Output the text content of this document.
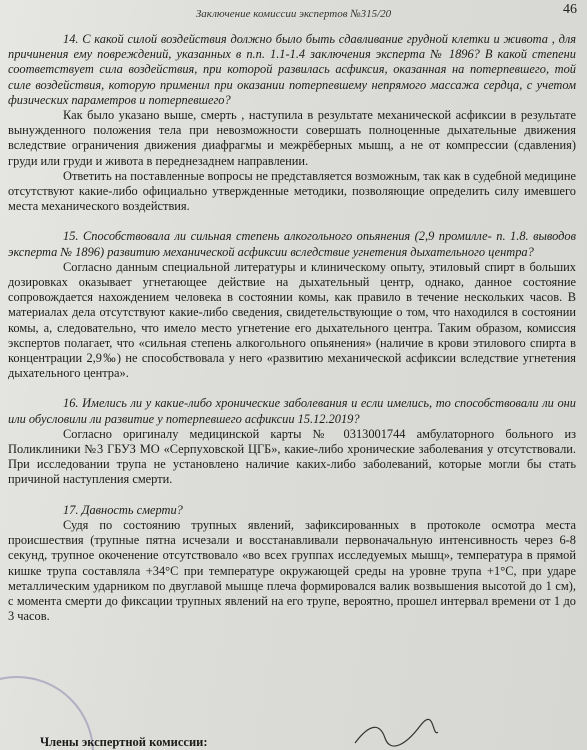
Заключение комиссии экспертов №315/20	46

14. С какой силой воздействия должно было быть сдавливание грудной клетки и живота , для причинения ему повреждений, указанных в п.п. 1.1-1.4 заключения эксперта № 1896? В какой степени соответствует сила воздействия, при которой развилась асфиксия, оказанная на потерпевшего, той силе воздействия, которую применил при оказании потерпевшему непрямого массажа сердца, с учетом физических параметров и потерпевшего?

Как было указано выше, смерть , наступила в результате механической асфиксии в результате вынужденного положения тела при невозможности совершать полноценные дыхательные движения вследствие ограничения движения диафрагмы и межрёберных мышц, а не от компрессии (сдавления) груди или груди и живота в переднезаднем направлении.

Ответить на поставленные вопросы не представляется возможным, так как в судебной медицине отсутствуют какие-либо официально утвержденные методики, позволяющие определить силу имевшего места механического воздействия.

15. Способствовала ли сильная степень алкогольного опьянения (2,9 промилле- п. 1.8. выводов эксперта № 1896) развитию механической асфиксии вследствие угнетения дыхательного центра?

Согласно данным специальной литературы и клиническому опыту, этиловый спирт в больших дозировках оказывает угнетающее действие на дыхательный центр, однако, данное состояние сопровождается нахождением человека в состоянии комы, как правило в течение нескольких часов. В материалах дела отсутствуют какие-либо сведения, свидетельствующие о том, что находился в состоянии комы, а, следовательно, что имело место угнетение его дыхательного центра. Таким образом, комиссия экспертов полагает, что «сильная степень алкогольного опьянения» (наличие в крови этилового спирта в концентрации 2,9‰) не способствовала у него «развитию механической асфиксии вследствие угнетения дыхательного центра».

16. Имелись ли у какие-либо хронические заболевания и если имелись, то способствовали ли они или обусловили ли развитие у потерпевшего асфиксии 15.12.2019?

Согласно оригиналу медицинской карты № 0313001744 амбулаторного больного из Поликлиники №3 ГБУЗ МО «Серпуховской ЦГБ», какие-либо хронические заболевания у отсутствовали. При исследовании трупа не установлено наличие каких-либо заболеваний, которые могли бы стать причиной наступления смерти.

17. Давность смерти?

Судя по состоянию трупных явлений, зафиксированных в протоколе осмотра места происшествия (трупные пятна исчезали и восстанавливали первоначальную интенсивность через 6-8 секунд, трупное окоченение отсутствовало «во всех группах исследуемых мышц», температура в прямой кишке трупа составляла +34°С при температуре окружающей среды на уровне трупа +1°С, при ударе металлическим ударником по двуглавой мышце плеча формировался валик возвышения высотой до 1 см), с момента смерти до фиксации трупных явлений на его трупе, вероятно, прошел интервал времени от 1 до 3 часов.

Члены экспертной комиссии:
